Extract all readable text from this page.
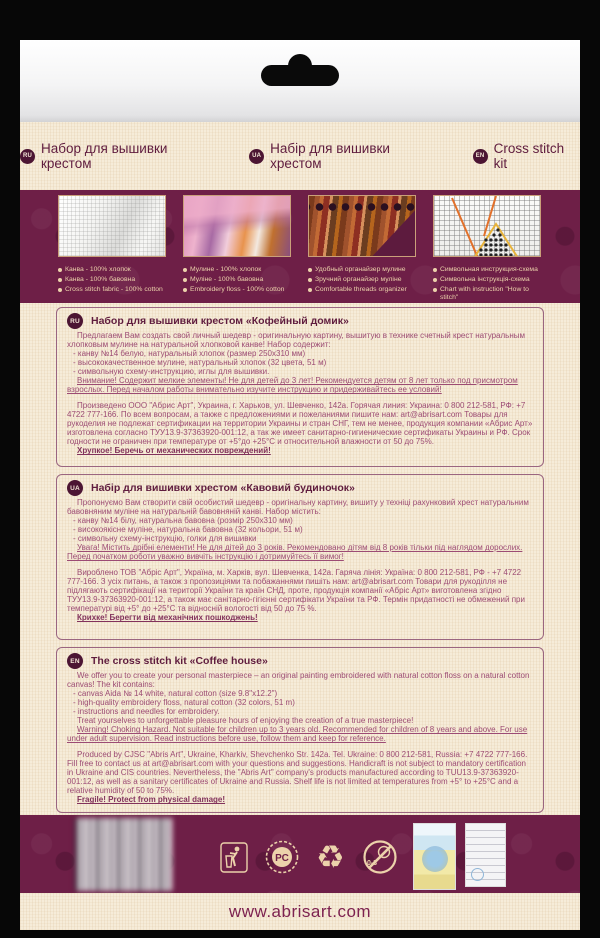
RU Набор для вышивки крестом	UA Набір для вишивки хрестом	EN Cross stitch kit
Канва - 100% хлопок
Канва - 100% бавовна
Cross stitch fabric - 100% cotton
Мулине - 100% хлопок
Муліне - 100% бавовна
Embroidery floss - 100% cotton
Удобный органайзер мулине
Зручний органайзер муліне
Comfortable threads organizer
Символьная инструкция-схема
Символьна інструкція-схема
Chart with instruction "How to stitch"
RU Набор для вышивки крестом «Кофейный домик»

Предлагаем Вам создать свой личный шедевр - оригинальную картину, вышитую в технике счетный крест натуральным хлопковым мулине на натуральной хлопковой канве! Набор содержит:

- канву №14 белую, натуральный хлопок (размер 250х310 мм)
- высококачественное мулине, натуральный хлопок (32 цвета, 51 м)
- символьную схему-инструкцию, иглы для вышивки.

Внимание! Содержит мелкие элементы! Не для детей до 3 лет! Рекомендуется детям от 8 лет только под присмотром взрослых. Перед началом работы внимательно изучите инструкцию и придерживайтесь ее условий!

Произведено ООО "Абрис Арт", Украина, г. Харьков, ул. Шевченко, 142а. Горячая линия: Украина: 0 800 212-581, РФ: +7 4722 777-166. По всем вопросам, а также с предложениями и пожеланиями пишите нам: art@abrisart.com Товары для рукоделия не подлежат сертификации на территории Украины и стран СНГ, тем не менее, продукция компании «Абрис Арт» изготовлена согласно ТУУ13.9-37363920-001:12, а так же имеет санитарно-гигиенические сертификаты Украины и РФ. Срок годности не ограничен при температуре от +5°до +25°С и относительной влажности от 50 до 75%.

Хрупкое! Беречь от механических повреждений!

UA Набір для вишивки хрестом «Кавовий будиночок»

Пропонуємо Вам створити свій особистий шедевр - оригінальну картину, вишиту у техніці рахунковий хрест натуральним бавовняним муліне на натуральній бавовняній канві. Набор містить:

- канву №14 білу, натуральна бавовна (розмір 250х310 мм)
- високоякісне муліне, натуральна бавовна (32 кольори, 51 м)
- символьну схему-інструкцію, голки для вишивки

Увага! Містить дрібні елементи! Не для дітей до 3 років. Рекомендовано дітям від 8 років тільки під наглядом дорослих. Перед початком роботи уважно вивчіть інструкцію і дотримуйтесь її вимог!

Вироблено ТОВ "Абріс Арт", Україна, м. Харків, вул. Шевченка, 142а. Гаряча лінія: Україна: 0 800 212-581, РФ - +7 4722 777-166. З усіх питань, а також з пропозиціями та побажаннями пишіть нам: art@abrisart.com Товари для рукоділля не підлягають сертифікації на території України та країн СНД, проте, продукція компанії «Абріс Арт» виготовлена згідно ТУУ13.9-37363920-001:12, а також має санітарно-гігієнні сертифікати України та РФ. Термін придатності не обмежений при температурі від +5° до +25°С та відносній вологості від 50 до 75 %.

Крихке! Берегти від механічних пошкоджень!

EN	The cross stitch kit «Coffee house»

We offer you to create your personal masterpiece – an original painting embroidered with natural cotton floss on a natural cotton canvas! The kit contains:

- canvas Aida № 14 white, natural cotton (size 9.8"x12.2")
- high-quality embroidery floss, natural cotton (32 colors, 51 m)
- instructions and needles for embroidery.

Treat yourselves to unforgettable pleasure hours of enjoying the creation of a true masterpiece!

Warning! Choking Hazard. Not suitable for children up to 3 years old. Recommended for children of 8 years and above. For use under adult supervision. Read instructions before use, follow them and keep for reference.

Produced by CJSC "Abris Art", Ukraine, Kharkiv, Shevchenko Str. 142a. Tel. Ukraine: 0 800 212-581, Russia: +7 4722 777-166. Fill free to contact us at art@abrisart.com with your questions and suggestions. Handicraft is not subject to mandatory certification in Ukraine and CIS countries. Nevertheless, the "Abris Art" company's products manufactured according to TUU13.9-37363920-001:12, as well as a sanitary certificates of Ukraine and Russia. Shelf life is not limited at temperatures from +5° to +25°C and a relative humidity of 50 to 75%.

Fragile! Protect from physical damage!

РС ♻	0-3
www.abrisart.com
